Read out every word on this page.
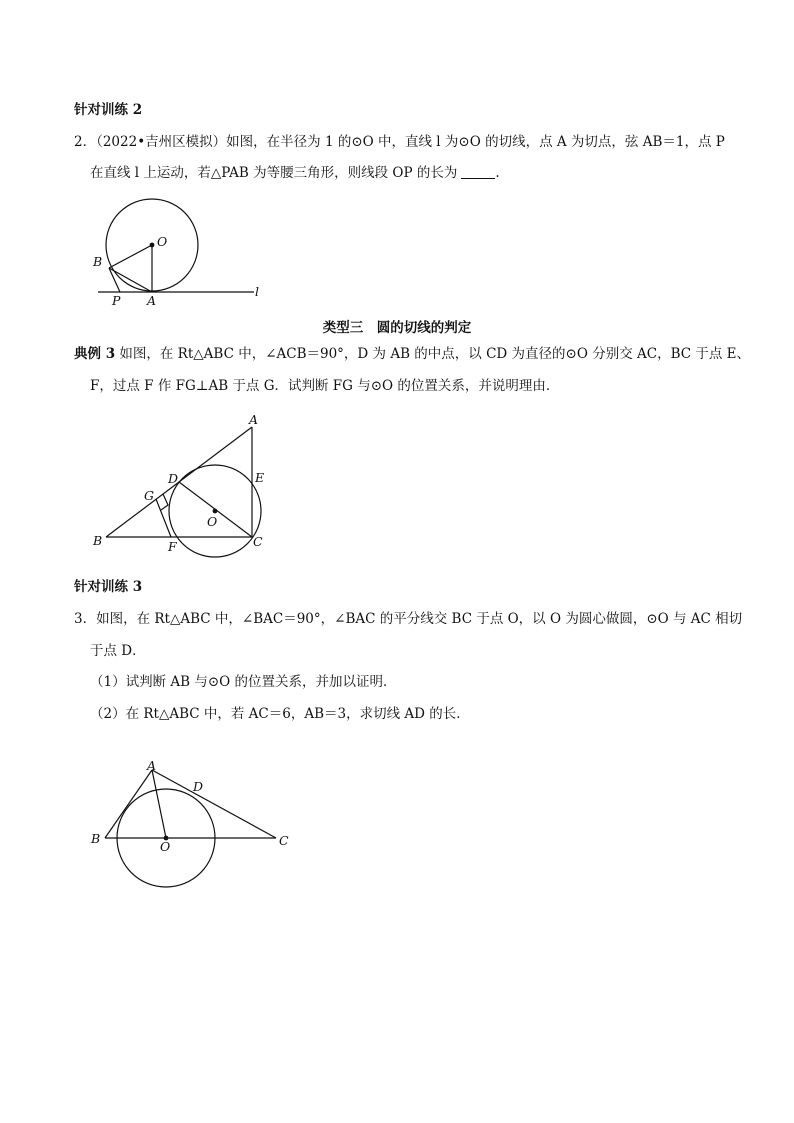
针对训练 2
2．（2022•吉州区模拟）如图，在半径为 1 的⊙O 中，直线 l 为⊙O 的切线，点 A 为切点，弦 AB＝1，点 P
在直线 l 上运动，若△PAB 为等腰三角形，则线段 OP 的长为	.
O
B
P A
l
类型三　圆的切线的判定
典例 3 如图，在 Rt△ABC 中，∠ACB＝90°，D 为 AB 的中点，以 CD 为直径的⊙O 分别交 AC，BC 于点 E、
F，过点 F 作 FG⊥AB 于点 G．试判断 FG 与⊙O 的位置关系，并说明理由．
A
E
D
G
O
B	F	C
针对训练 3
3．如图，在 Rt△ABC 中，∠BAC＝90°，∠BAC 的平分线交 BC 于点 O，以 O 为圆心做圆，⊙O 与 AC 相切
于点 D．
（1）试判断 AB 与⊙O 的位置关系，并加以证明．
（2）在 Rt△ABC 中，若 AC＝6，AB＝3，求切线 AD 的长．
A
D
B
O	C
